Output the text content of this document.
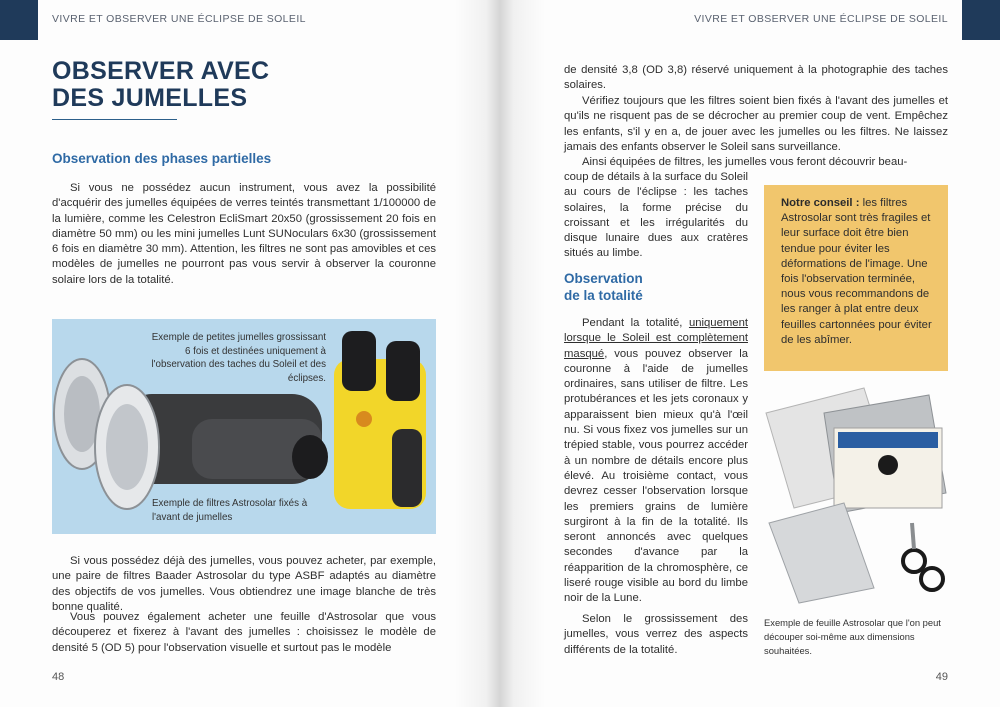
VIVRE ET OBSERVER UNE ÉCLIPSE DE SOLEIL
OBSERVER AVEC
DES JUMELLES
Observation des phases partielles

Si vous ne possédez aucun instrument, vous avez la possibilité d'acquérir des jumelles équipées de verres teintés transmettant 1/100000 de la lumière, comme les Celestron EcliSmart 20x50 (grossissement 20 fois en diamètre 50 mm) ou les mini jumelles Lunt SUNoculars 6x30 (grossissement 6 fois en diamètre 30 mm). Attention, les filtres ne sont pas amovibles et ces modèles de jumelles ne pourront pas vous servir à observer la couronne solaire lors de la totalité.

Exemple de petites jumelles grossissant 6 fois et destinées uniquement à l'observation des taches du Soleil et des éclipses.

Exemple de filtres Astrosolar fixés à l'avant de jumelles

Si vous possédez déjà des jumelles, vous pouvez acheter, par exemple, une paire de filtres Baader Astrosolar du type ASBF adaptés au diamètre des objectifs de vos jumelles. Vous obtiendrez une image blanche de très bonne qualité.

Vous pouvez également acheter une feuille d'Astrosolar que vous découperez et fixerez à l'avant des jumelles : choisissez le modèle de densité 5 (OD 5) pour l'observation visuelle et surtout pas le modèle

48
VIVRE ET OBSERVER UNE ÉCLIPSE DE SOLEIL

de densité 3,8 (OD 3,8) réservé uniquement à la photographie des taches solaires.

Vérifiez toujours que les filtres soient bien fixés à l'avant des jumelles et qu'ils ne risquent pas de se décrocher au premier coup de vent. Empêchez les enfants, s'il y en a, de jouer avec les jumelles ou les filtres. Ne laissez jamais des enfants observer le Soleil sans surveillance.

Ainsi équipées de filtres, les jumelles vous feront découvrir beau-

coup de détails à la surface du Soleil au cours de l'éclipse : les taches solaires, la forme précise du croissant et les irrégularités du disque lunaire dues aux cratères situés au limbe.

Observation
de la totalité

Pendant la totalité, uniquement lorsque le Soleil est complètement masqué, vous pouvez observer la couronne à l'aide de jumelles ordinaires, sans utiliser de filtre. Les protubérances et les jets coronaux y apparaissent bien mieux qu'à l'œil nu. Si vous fixez vos jumelles sur un trépied stable, vous pourrez accéder à un nombre de détails encore plus élevé. Au troisième contact, vous devrez cesser l'observation lorsque les premiers grains de lumière surgiront à la fin de la totalité. Ils seront annoncés avec quelques secondes d'avance par la réapparition de la chromosphère, ce liseré rouge visible au bord du limbe noir de la Lune.

Selon le grossissement des jumelles, vous verrez des aspects différents de la totalité.

49

Notre conseil : les filtres Astrosolar sont très fragiles et leur surface doit être bien tendue pour éviter les déformations de l'image. Une fois l'observation terminée, nous vous recommandons de les ranger à plat entre deux feuilles cartonnées pour éviter de les abîmer.

Exemple de feuille Astrosolar que l'on peut découper soi-même aux dimensions souhaitées.
